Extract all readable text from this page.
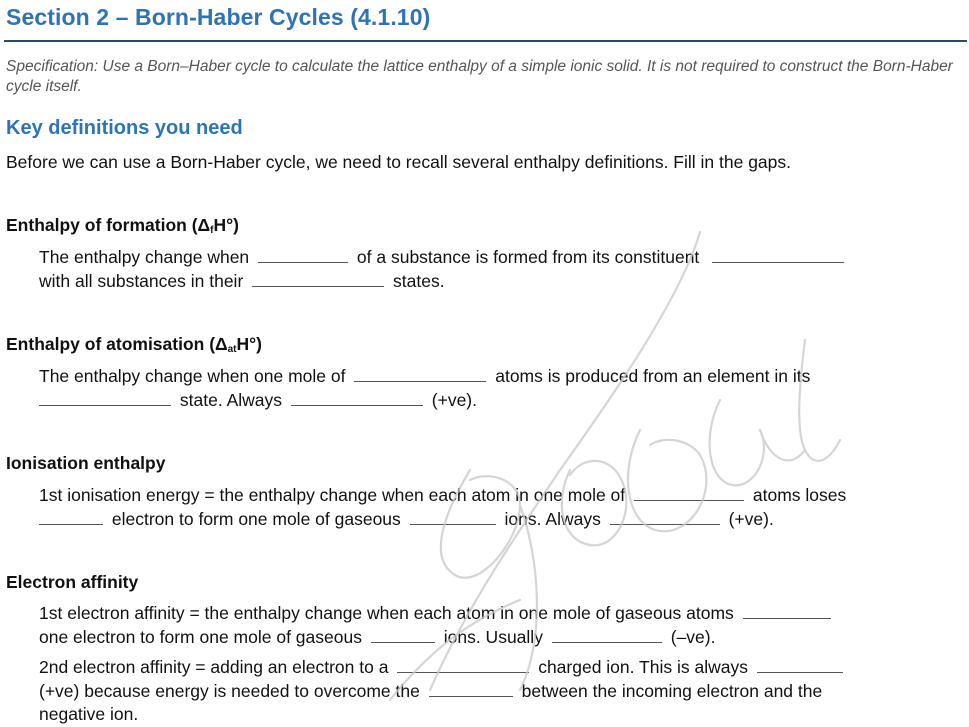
Section 2 – Born-Haber Cycles (4.1.10)
Specification: Use a Born–Haber cycle to calculate the lattice enthalpy of a simple ionic solid. It is not required to construct the Born-Haber cycle itself.
Key definitions you need
Before we can use a Born-Haber cycle, we need to recall several enthalpy definitions. Fill in the gaps.
Enthalpy of formation $(\Delta_fH^\circ)$
The enthalpy change when	of a substance is formed from its constituent
with all substances in their	states.
Enthalpy of atomisation $(\Delta_{at}H^\circ)$
The enthalpy change when one mole of	atoms is produced from an element in its
state. Always	(+ve).
Ionisation enthalpy
1st ionisation energy = the enthalpy change when each atom in one mole of	atoms loses
electron to form one mole of gaseous	ions. Always	(+ve).
Electron affinity
1st electron affinity = the enthalpy change when each atom in one mole of gaseous atoms
one electron to form one mole of gaseous	ions. Usually	(–ve).
2nd electron affinity = adding an electron to a	charged ion. This is always
(+ve) because energy is needed to overcome the	between the incoming electron and the
negative ion.
